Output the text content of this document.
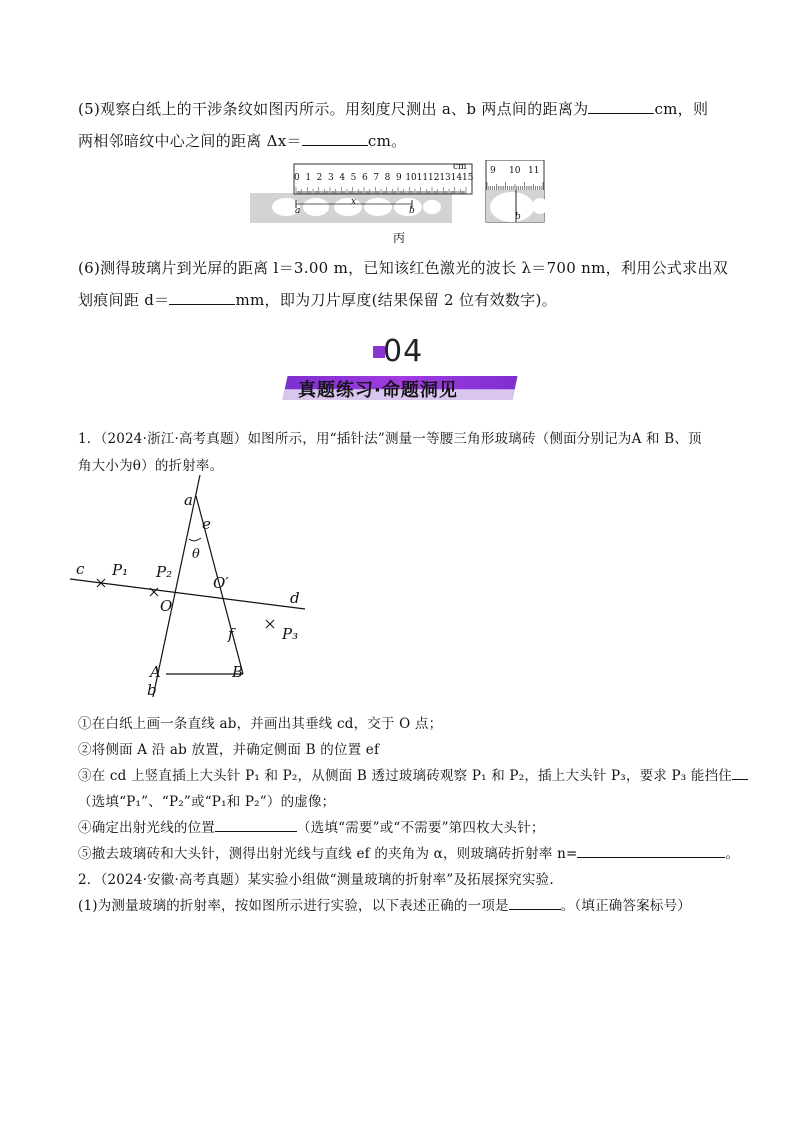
(5)观察白纸上的干涉条纹如图丙所示。用刻度尺测出 a、b 两点间的距离为	cm，则
两相邻暗纹中心之间的距离 Δx＝	cm。
cm
0 1 2 3 4 5 6 7 8 9 10 11 12 13 14 15
9 10 11
a
x
b
b
丙
(6)测得玻璃片到光屏的距离 l＝3.00 m，已知该红色激光的波长 λ＝700 nm，利用公式求出双
划痕间距 d＝	mm，即为刀片厚度(结果保留 2 位有效数字)。
04
真题练习·命题洞见
1．（2024·浙江·高考真题）如图所示，用“插针法”测量一等腰三角形玻璃砖（侧面分别记为A 和 B、顶
角大小为θ）的折射率。
a
e
θ
c P₁ P₂
O′
O	d
f	P₃
A	B
b
①在白纸上画一条直线 ab，并画出其垂线 cd，交于 O 点；
②将侧面 A 沿 ab 放置，并确定侧面 B 的位置 ef
③在 cd 上竖直插上大头针 P₁ 和 P₂，从侧面 B 透过玻璃砖观察 P₁ 和 P₂，插上大头针 P₃，要求 P₃ 能挡住
（选填“P₁”、“P₂”或“P₁和 P₂”）的虚像；
④确定出射光线的位置	（选填“需要”或“不需要”第四枚大头针；
⑤撤去玻璃砖和大头针，测得出射光线与直线 ef 的夹角为 α，则玻璃砖折射率 n=	。
2．（2024·安徽·高考真题）某实验小组做“测量玻璃的折射率”及拓展探究实验.
(1)为测量玻璃的折射率，按如图所示进行实验，以下表述正确的一项是	。（填正确答案标号）
